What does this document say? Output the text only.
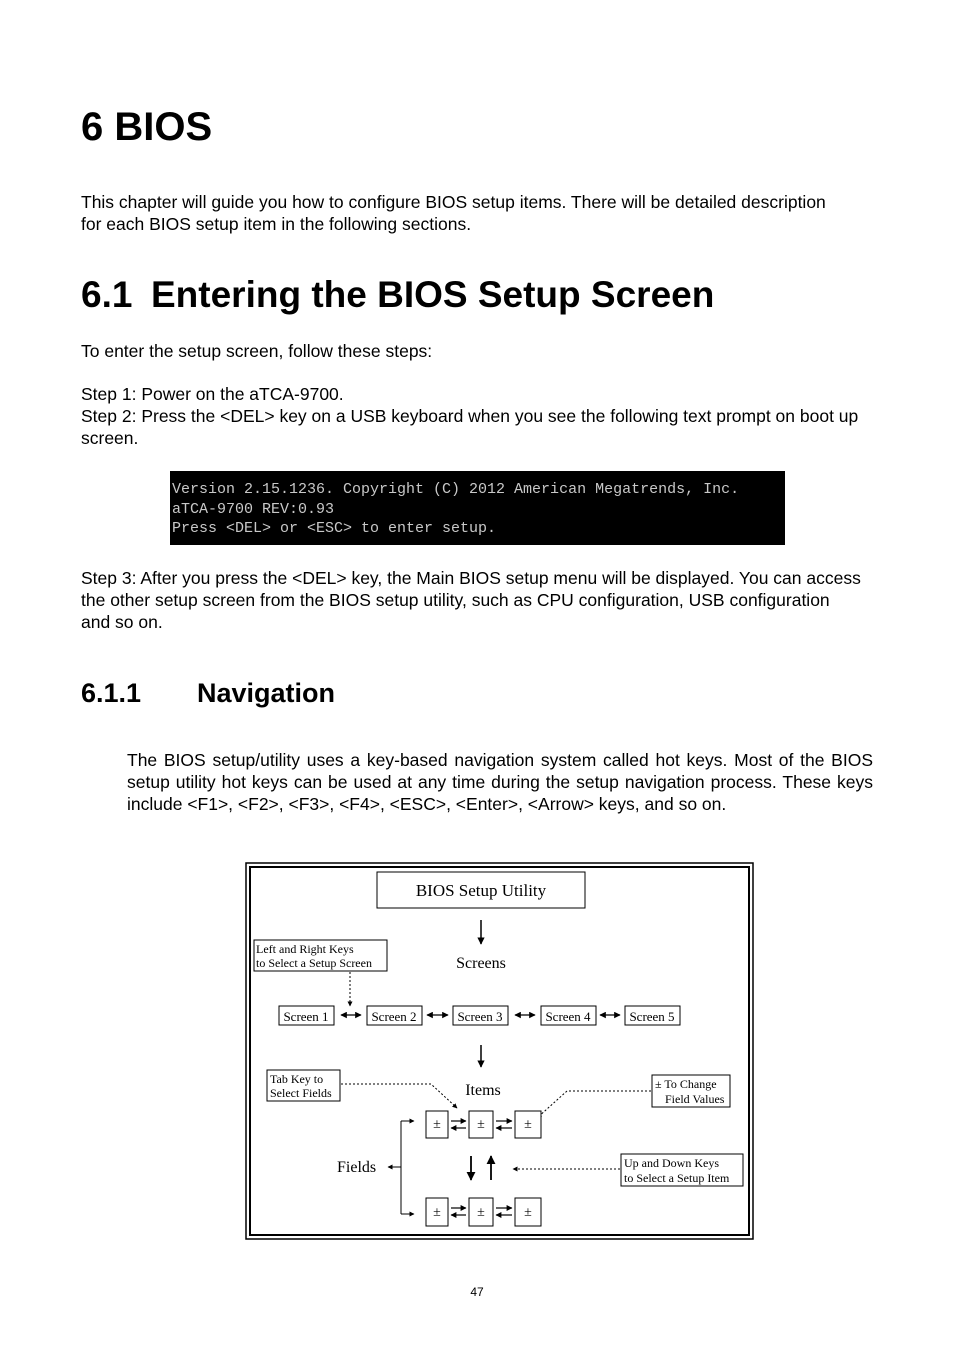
6 BIOS

This chapter will guide you how to configure BIOS setup items. There will be detailed description for each BIOS setup item in the following sections.

6.1 Entering the BIOS Setup Screen

To enter the setup screen, follow these steps:

Step 1: Power on the aTCA-9700.

Step 2: Press the <DEL> key on a USB keyboard when you see the following text prompt on boot up screen.

Version 2.15.1236. Copyright (C) 2012 American Megatrends, Inc.
aTCA-9700 REV:0.93
Press <DEL> or <ESC> to enter setup.

Step 3: After you press the <DEL> key, the Main BIOS setup menu will be displayed. You can access the other setup screen from the BIOS setup utility, such as CPU configuration, USB configuration and so on.

6.1.1 Navigation

The BIOS setup/utility uses a key-based navigation system called hot keys. Most of the BIOS setup utility hot keys can be used at any time during the setup navigation process. These keys include <F1>, <F2>, <F3>, <F4>, <ESC>, <Enter>, <Arrow> keys, and so on.

BIOS Setup Utility
Screens
Left and Right Keys
to Select a Setup Screen
Screen 1	Screen 2	Screen 3	Screen 4	Screen 5
Items
Tab Key to
Select Fields
± To Change
Field Values
±	±	±
Fields	Up and Down Keys
to Select a Setup Item
±	±	±
47
